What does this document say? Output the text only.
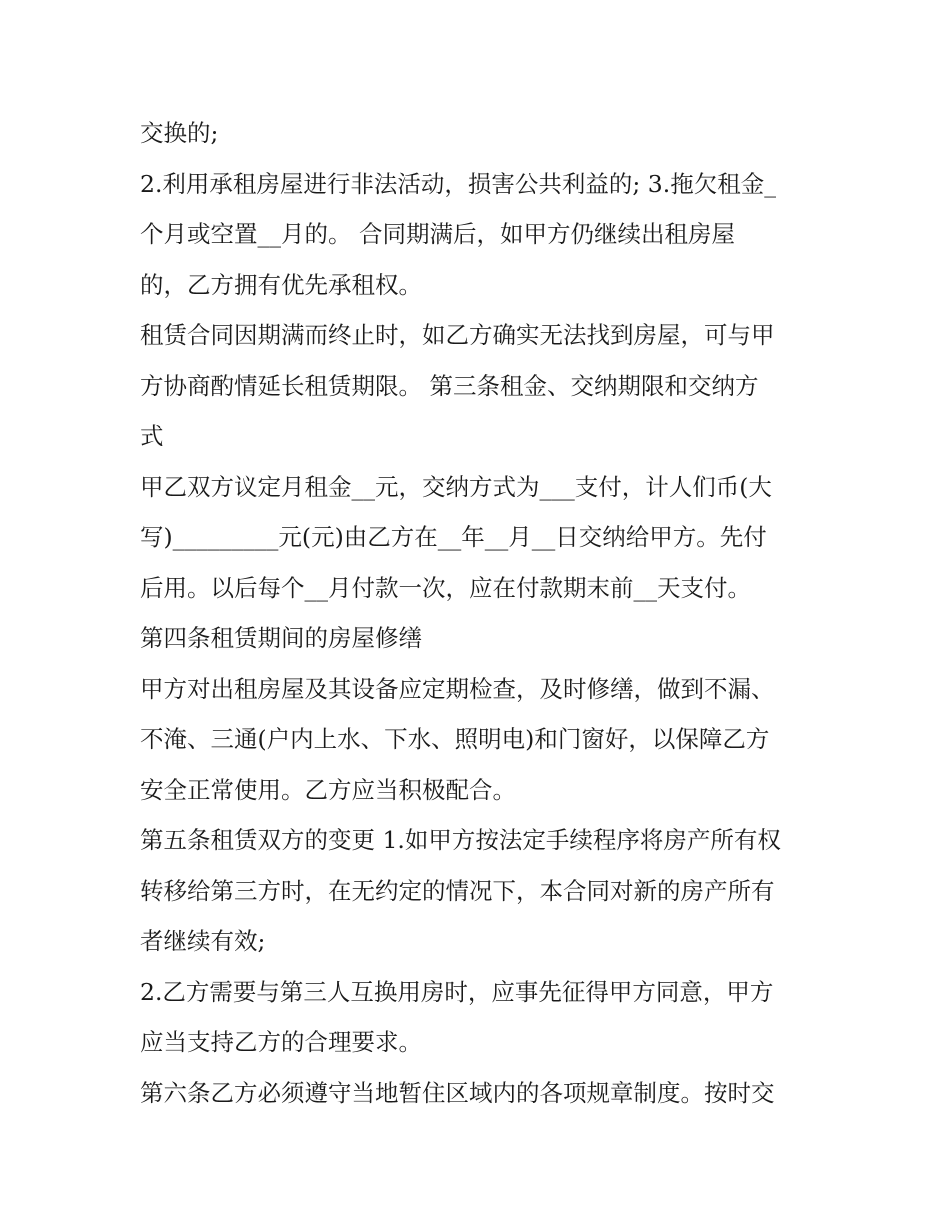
交换的;
2.利用承租房屋进行非法活动，损害公共利益的; 3.拖欠租金_
个月或空置__月的。 合同期满后，如甲方仍继续出租房屋
的，乙方拥有优先承租权。
租赁合同因期满而终止时，如乙方确实无法找到房屋，可与甲
方协商酌情延长租赁期限。 第三条租金、交纳期限和交纳方
式
甲乙双方议定月租金__元，交纳方式为___支付，计人们币(大
写)_________元(元)由乙方在__年__月__日交纳给甲方。先付
后用。以后每个__月付款一次，应在付款期末前__天支付。
第四条租赁期间的房屋修缮
甲方对出租房屋及其设备应定期检查，及时修缮，做到不漏、
不淹、三通(户内上水、下水、照明电)和门窗好，以保障乙方
安全正常使用。乙方应当积极配合。
第五条租赁双方的变更 1.如甲方按法定手续程序将房产所有权
转移给第三方时，在无约定的情况下，本合同对新的房产所有
者继续有效;
2.乙方需要与第三人互换用房时，应事先征得甲方同意，甲方
应当支持乙方的合理要求。
第六条乙方必须遵守当地暂住区域内的各项规章制度。按时交
